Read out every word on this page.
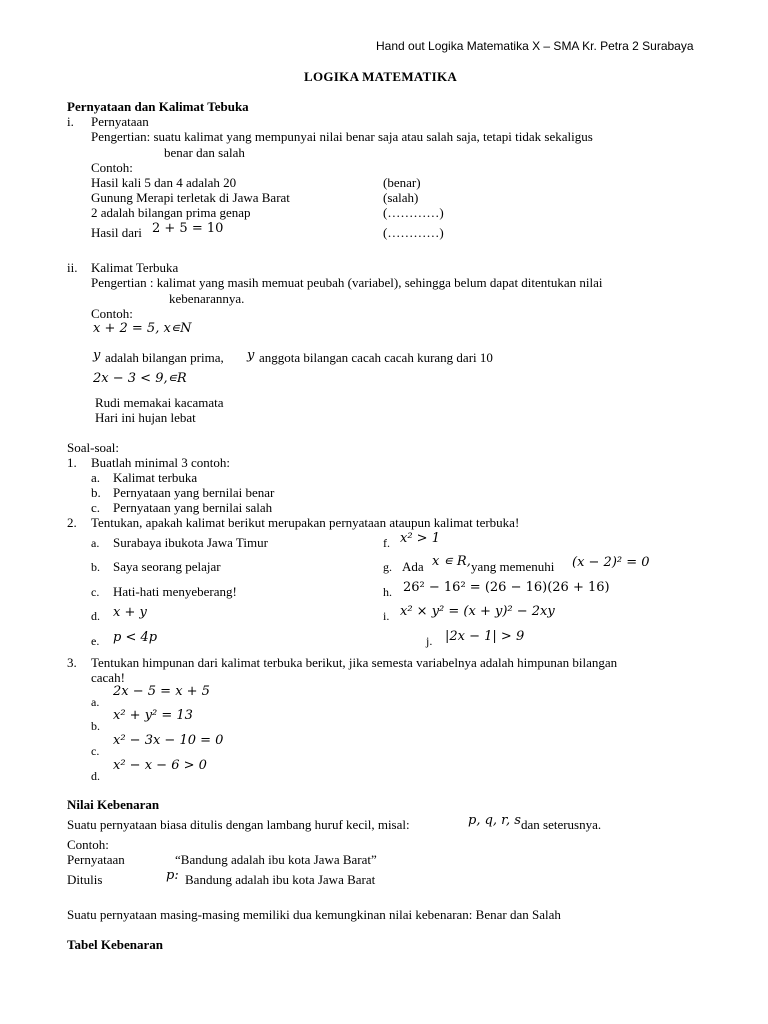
Hand out Logika Matematika X – SMA Kr. Petra 2 Surabaya
LOGIKA MATEMATIKA
Pernyataan dan Kalimat Tebuka
i. Pernyataan
Pengertian: suatu kalimat yang mempunyai nilai benar saja atau salah saja, tetapi tidak sekaligus
benar dan salah
Contoh:
Hasil kali 5 dan 4 adalah 20	(benar)
Gunung Merapi terletak di Jawa Barat	(salah)
2 adalah bilangan prima genap	(…………)
Hasil dari 2 + 5 = 10	(…………)
ii. Kalimat Terbuka
Pengertian : kalimat yang masih memuat peubah (variabel), sehingga belum dapat ditentukan nilai
kebenarannya.
Contoh:
x + 2 = 5, x∊N
y adalah bilangan prima, y anggota bilangan cacah cacah kurang dari 10
2x − 3 < 9,∊R
Rudi memakai kacamata
Hari ini hujan lebat
Soal-soal:
1. Buatlah minimal 3 contoh:
a. Kalimat terbuka
b. Pernyataan yang bernilai benar
c. Pernyataan yang bernilai salah
2. Tentukan, apakah kalimat berikut merupakan pernyataan ataupun kalimat terbuka!
a. Surabaya ibukota Jawa Timur
b. Saya seorang pelajar
c. Hati-hati menyeberang!
d. x + y
e. p < 4p
f. x² > 1
g. Ada x ∊ R, yang memenuhi (x − 2)² = 0
h. 26² − 16² = (26 − 16)(26 + 16)
i. x² × y² = (x + y)² − 2xy
j. |2x − 1| > 9
3. Tentukan himpunan dari kalimat terbuka berikut, jika semesta variabelnya adalah himpunan bilangan
cacah!
2x − 5 = x + 5
a.
x² + y² = 13
b.
x² − 3x − 10 = 0
c.
x² − x − 6 > 0
d.
Nilai Kebenaran
Suatu pernyataan biasa ditulis dengan lambang huruf kecil, misal:	p, q, r, s dan seterusnya.
Contoh:
Pernyataan	“Bandung adalah ibu kota Jawa Barat”
Ditulis	p: Bandung adalah ibu kota Jawa Barat
Suatu pernyataan masing-masing memiliki dua kemungkinan nilai kebenaran: Benar dan Salah
Tabel Kebenaran
